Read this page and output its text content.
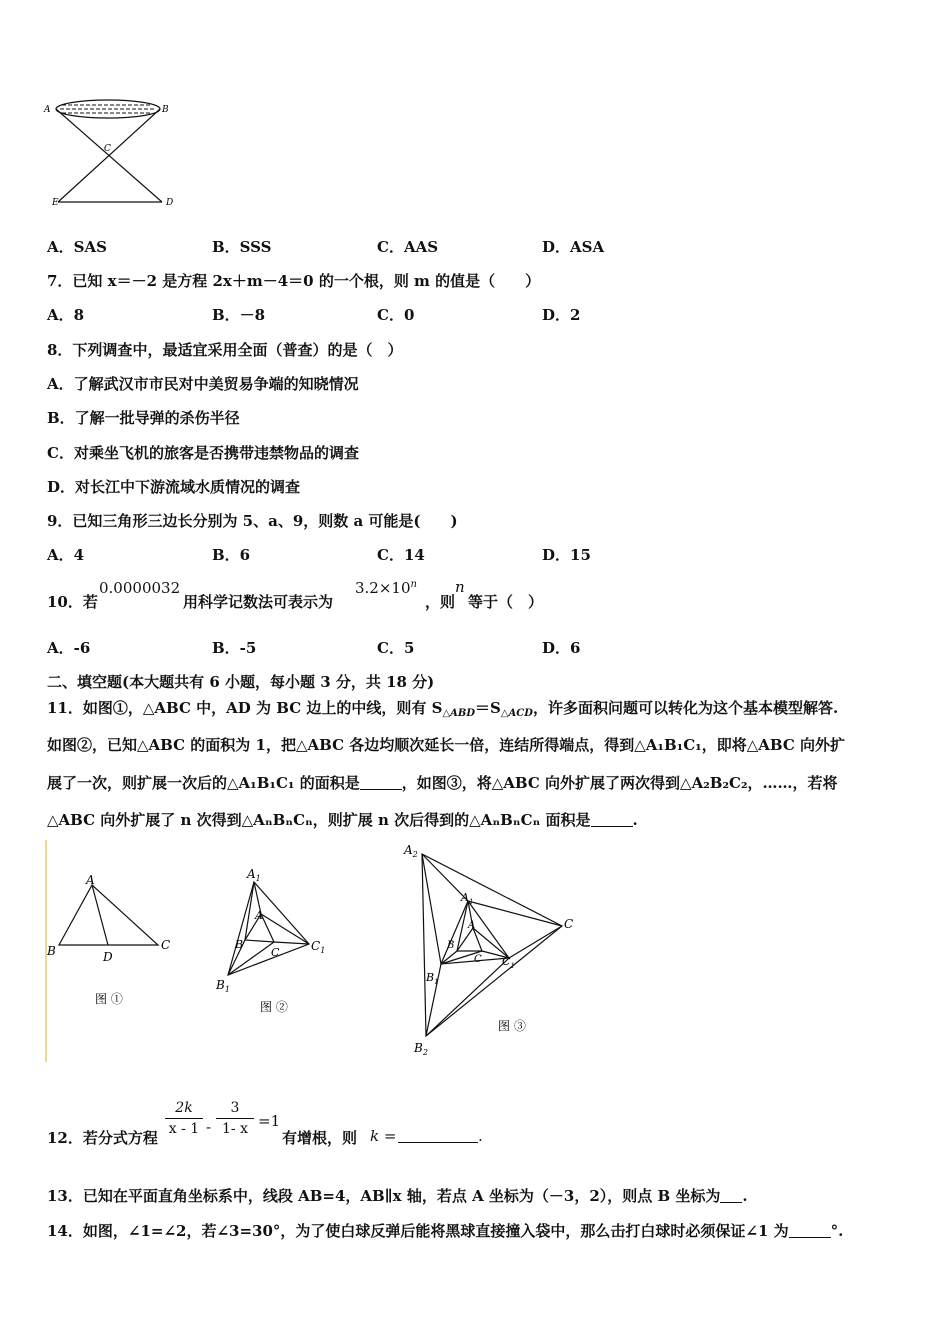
A	B
C
E	D
A．SAS	B．SSS	C．AAS	D．ASA
7．已知 x＝－2 是方程 2x＋m－4＝0 的一个根，则 m 的值是（　　）
A．8	B．－8	C．0	D．2
8．下列调查中，最适宜采用全面（普查）的是（　）
A．了解武汉市市民对中美贸易争端的知晓情况
B．了解一批导弹的杀伤半径
C．对乘坐飞机的旅客是否携带违禁物品的调查
D．对长江中下游流域水质情况的调查
9．已知三角形三边长分别为 5、a、9，则数 a 可能是(　　)
A．4	B．6	C．14	D．15
10．若
0.0000032
用科学记数法可表示为
$3.2\times 10^n$
，则
n
等于（　）
A．-6	B．-5	C．5	D．6
二、填空题(本大题共有 6 小题，每小题 3 分，共 18 分)
11．如图①，△ABC 中，AD 为 BC 边上的中线，则有 $S_{\triangle ABD}=S_{\triangle ACD}$，许多面积问题可以转化为这个基本模型解答.
如图②，已知△ABC 的面积为 1，把△ABC 各边均顺次延长一倍，连结所得端点，得到△A₁B₁C₁，即将△ABC 向外扩
展了一次，则扩展一次后的△A₁B₁C₁ 的面积是	，如图③，将△ABC 向外扩展了两次得到△A₂B₂C₂，……，若将
△ABC 向外扩展了 n 次得到△AₙBₙCₙ，则扩展 n 次后得到的△AₙBₙCₙ 面积是	.
A
B	D
C
图 ①
$A_1$
A
B
C	$C_1$
$B_1$
图 ②
$A_2$
$A_1$
A
B
C $C_1$
C
$B_1$
$B_2$
图 ③
12．若分式方程
2k
x - 1 -
3
1- x =1
有增根，则 k =	.
13．已知在平面直角坐标系中，线段 AB=4，AB∥x 轴，若点 A 坐标为（－3，2），则点 B 坐标为 .
14．如图，∠1=∠2，若∠3=30°，为了使白球反弹后能将黑球直接撞入袋中，那么击打白球时必须保证∠1 为	°.
